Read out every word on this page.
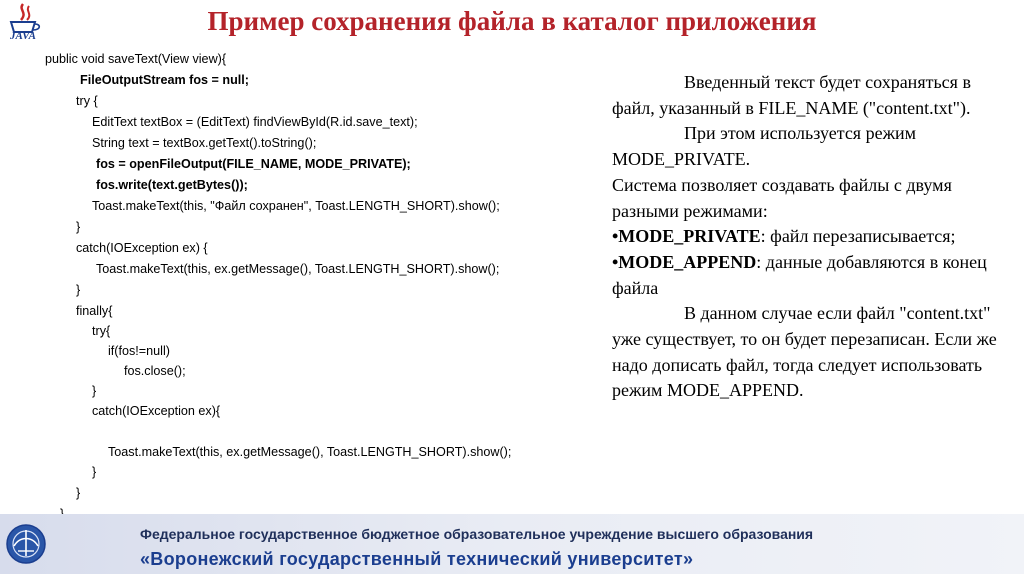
JAVA	Пример сохранения файла в каталог приложения
public void saveText(View view){
FileOutputStream fos = null;
try {
EditText textBox = (EditText) findViewById(R.id.save_text);
String text = textBox.getText().toString();
fos = openFileOutput(FILE_NAME, MODE_PRIVATE);
fos.write(text.getBytes());
Toast.makeText(this, "Файл сохранен", Toast.LENGTH_SHORT).show();
}
catch(IOException ex) {
Toast.makeText(this, ex.getMessage(), Toast.LENGTH_SHORT).show();
}
finally{
try{
if(fos!=null)
fos.close();
}
catch(IOException ex){
Toast.makeText(this, ex.getMessage(), Toast.LENGTH_SHORT).show();
}
}

Введенный текст будет сохраняться в файл, указанный в FILE_NAME ("content.txt").

При этом используется режим MODE_PRIVATE.

Система позволяет создавать файлы с двумя разными режимами:

•MODE_PRIVATE: файл перезаписывается;

•MODE_APPEND: данные добавляются в конец файла

В данном случае если файл "content.txt" уже существует, то он будет перезаписан. Если же надо дописать файл, тогда следует использовать режим MODE_APPEND.

Федеральное государственное бюджетное образовательное учреждение высшего образования
«Воронежский государственный технический университет»
